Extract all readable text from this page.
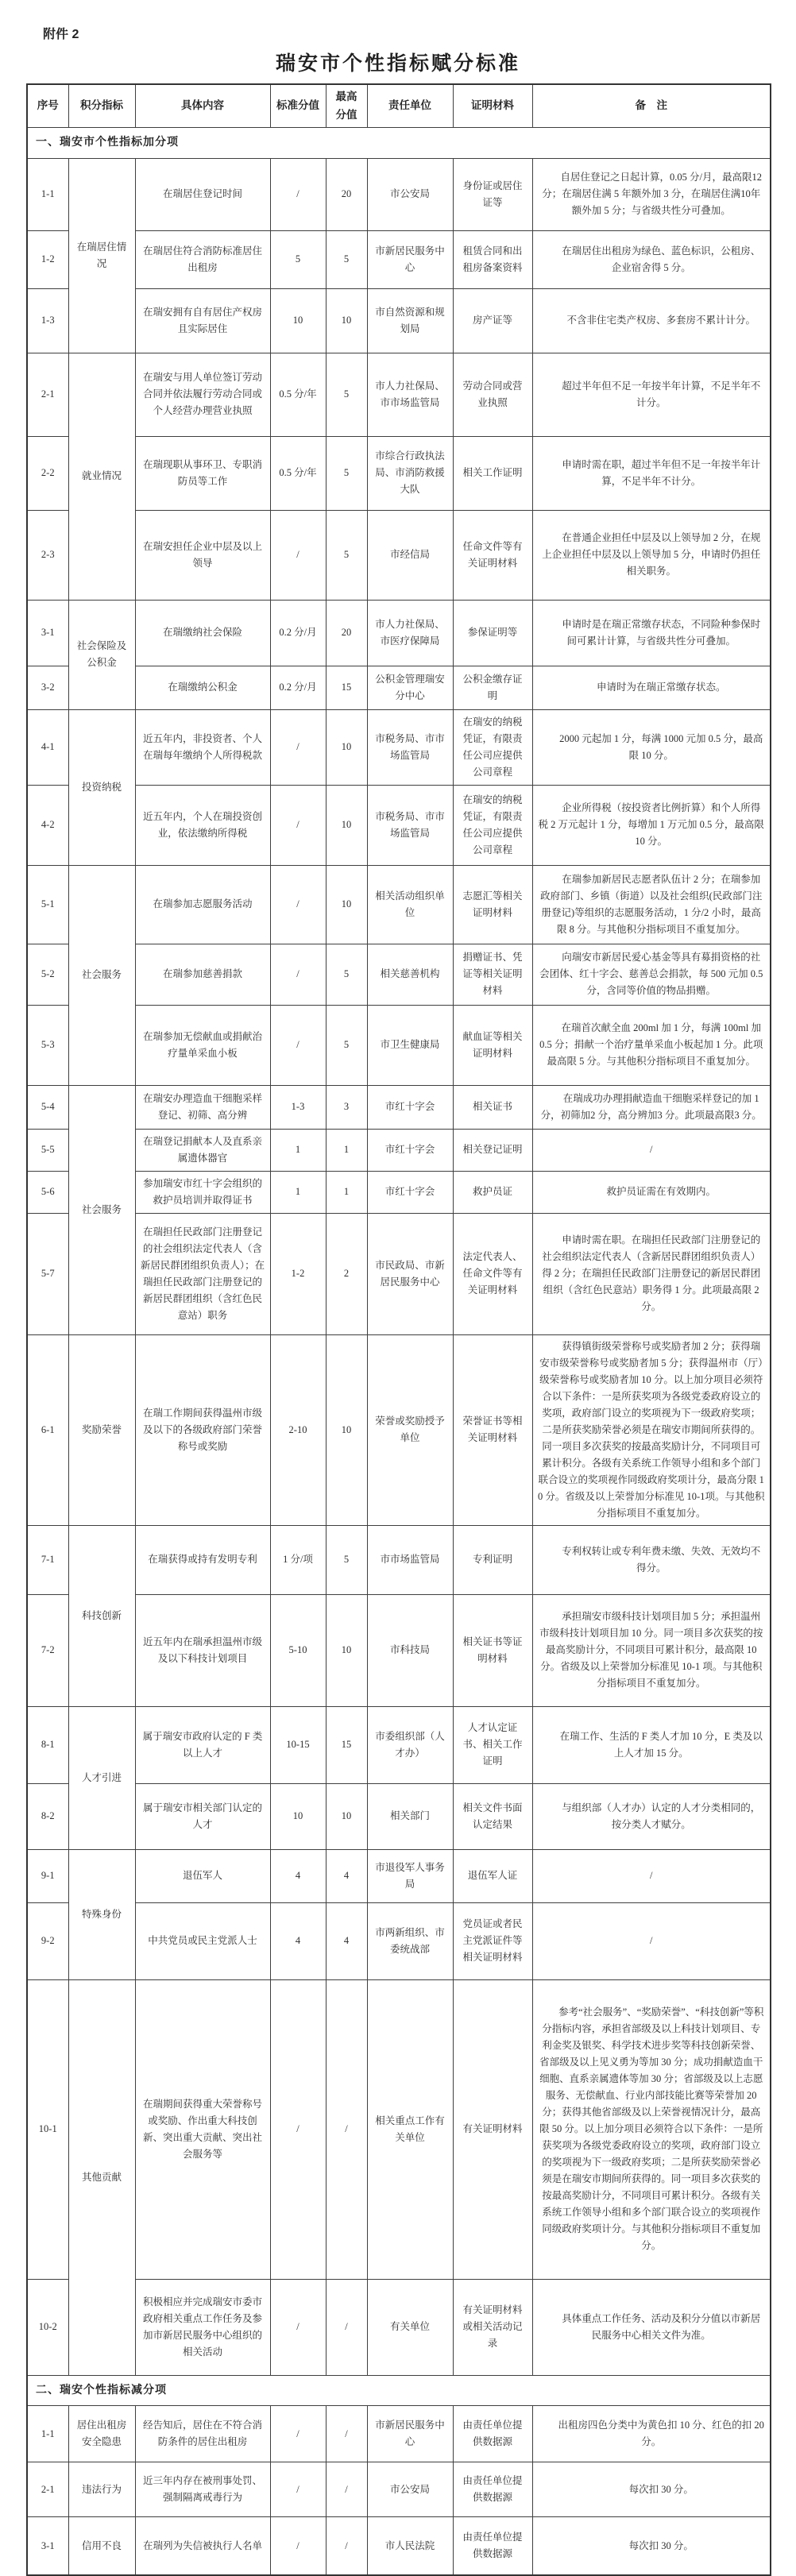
附件 2
瑞安市个性指标赋分标准
序号	积分指标	具体内容	标准分值	最高分值	责任单位	证明材料	备　注
一、瑞安市个性指标加分项							
1-1	在瑞居住情况	在瑞居住登记时间	/	20	市公安局	身份证或居住证等	自居住登记之日起计算，0.05 分/月，最高限12分；在瑞居住满 5 年额外加 3 分，在瑞居住满10年额外加 5 分；与省级共性分可叠加。
1-2		在瑞居住符合消防标准居住出租房	5	5	市新居民服务中心	租赁合同和出租房备案资料	在瑞居住出租房为绿色、蓝色标识，公租房、企业宿舍得 5 分。
1-3		在瑞安拥有自有居住产权房且实际居住	10	10	市自然资源和规划局	房产证等	不含非住宅类产权房、多套房不累计计分。
2-1	就业情况	在瑞安与用人单位签订劳动合同并依法履行劳动合同或个人经营办理营业执照	0.5 分/年	5	市人力社保局、市市场监管局	劳动合同或营业执照	超过半年但不足一年按半年计算，不足半年不计分。
2-2		在瑞现职从事环卫、专职消防员等工作	0.5 分/年	5	市综合行政执法局、市消防救援大队	相关工作证明	申请时需在职，超过半年但不足一年按半年计算，不足半年不计分。
2-3		在瑞安担任企业中层及以上领导	/	5	市经信局	任命文件等有关证明材料	在普通企业担任中层及以上领导加 2 分，在规上企业担任中层及以上领导加 5 分，申请时仍担任相关职务。
3-1	社会保险及公积金	在瑞缴纳社会保险	0.2 分/月	20	市人力社保局、市医疗保障局	参保证明等	申请时是在瑞正常缴存状态，不同险种参保时间可累计计算，与省级共性分可叠加。
3-2		在瑞缴纳公积金	0.2 分/月	15	公积金管理瑞安分中心	公积金缴存证明	申请时为在瑞正常缴存状态。
4-1	投资纳税	近五年内，非投资者、个人在瑞每年缴纳个人所得税款	/	10	市税务局、市市场监管局	在瑞安的纳税凭证，有限责任公司应提供公司章程	2000 元起加 1 分，每满 1000 元加 0.5 分，最高限 10 分。
4-2		近五年内，个人在瑞投资创业，依法缴纳所得税	/	10	市税务局、市市场监管局	在瑞安的纳税凭证，有限责任公司应提供公司章程	企业所得税（按投资者比例折算）和个人所得税 2 万元起计 1 分，每增加 1 万元加 0.5 分，最高限 10 分。
5-1	社会服务	在瑞参加志愿服务活动	/	10	相关活动组织单位	志愿汇等相关证明材料	在瑞参加新居民志愿者队伍计 2 分；在瑞参加政府部门、乡镇（街道）以及社会组织(民政部门注册登记)等组织的志愿服务活动，1 分/2 小时，最高限 8 分。与其他积分指标项目不重复加分。
5-2		在瑞参加慈善捐款	/	5	相关慈善机构	捐赠证书、凭证等相关证明材料	向瑞安市新居民爱心基金等具有募捐资格的社会团体、红十字会、慈善总会捐款，每 500 元加 0.5 分，含同等价值的物品捐赠。
5-3		在瑞参加无偿献血或捐献治疗量单采血小板	/	5	市卫生健康局	献血证等相关证明材料	在瑞首次献全血 200ml 加 1 分，每满 100ml 加 0.5 分；捐献一个治疗量单采血小板起加 1 分。此项最高限 5 分。与其他积分指标项目不重复加分。
5-4	社会服务	在瑞安办理造血干细胞采样登记、初筛、高分辨	1-3	3	市红十字会	相关证书	在瑞成功办理捐献造血干细胞采样登记的加 1 分，初筛加2 分，高分辨加3 分。此项最高限3 分。
5-5		在瑞登记捐献本人及直系亲属遗体器官	1	1	市红十字会	相关登记证明	/
5-6		参加瑞安市红十字会组织的救护员培训并取得证书	1	1	市红十字会	救护员证	救护员证需在有效期内。
5-7		在瑞担任民政部门注册登记的社会组织法定代表人（含新居民群团组织负责人）；在瑞担任民政部门注册登记的新居民群团组织（含红色民意站）职务	1-2	2	市民政局、市新居民服务中心	法定代表人、任命文件等有关证明材料	申请时需在职。在瑞担任民政部门注册登记的社会组织法定代表人（含新居民群团组织负责人）得 2 分；在瑞担任民政部门注册登记的新居民群团组织（含红色民意站）职务得 1 分。此项最高限 2 分。
6-1	奖励荣誉	在瑞工作期间获得温州市级及以下的各级政府部门荣誉称号或奖励	2-10	10	荣誉或奖励授予单位	荣誉证书等相关证明材料	获得镇街级荣誉称号或奖励者加 2 分；获得瑞安市级荣誉称号或奖励者加 5 分；获得温州市（厅）级荣誉称号或奖励者加 10 分。以上加分项目必须符合以下条件：一是所获奖项为各级党委政府设立的奖项，政府部门设立的奖项视为下一级政府奖项；二是所获奖励荣誉必须是在瑞安市期间所获得的。同一项目多次获奖的按最高奖励计分，不同项目可累计积分。各级有关系统工作领导小组和多个部门联合设立的奖项视作同级政府奖项计分，最高分限 10 分。省级及以上荣誉加分标准见 10-1项。与其他积分指标项目不重复加分。
7-1	科技创新	在瑞获得或持有发明专利	1 分/项	5	市市场监管局	专利证明	专利权转让或专利年费未缴、失效、无效均不得分。
7-2		近五年内在瑞承担温州市级及以下科技计划项目	5-10	10	市科技局	相关证书等证明材料	承担瑞安市级科技计划项目加 5 分；承担温州市级科技计划项目加 10 分。同一项目多次获奖的按最高奖励计分，不同项目可累计积分，最高限 10 分。省级及以上荣誉加分标准见 10-1 项。与其他积分指标项目不重复加分。
8-1	人才引进	属于瑞安市政府认定的 F 类以上人才	10-15	15	市委组织部（人才办）	人才认定证书、相关工作证明	在瑞工作、生活的 F 类人才加 10 分，E 类及以上人才加 15 分。
8-2		属于瑞安市相关部门认定的人才	10	10	相关部门	相关文件书面认定结果	与组织部（人才办）认定的人才分类相同的，按分类人才赋分。
9-1	特殊身份	退伍军人	4	4	市退役军人事务局	退伍军人证	/
9-2		中共党员或民主党派人士	4	4	市两新组织、市委统战部	党员证或者民主党派证件等相关证明材料	/
10-1	其他贡献	在瑞期间获得重大荣誉称号或奖励、作出重大科技创新、突出重大贡献、突出社会服务等	/	/	相关重点工作有关单位	有关证明材料	参考“社会服务”、“奖励荣誉”、“科技创新”等积分指标内容，承担省部级及以上科技计划项目、专利金奖及银奖、科学技术进步奖等科技创新荣誉、省部级及以上见义勇为等加 30 分；成功捐献造血干细胞、直系亲属遗体等加 30 分；省部级及以上志愿服务、无偿献血、行业内部技能比赛等荣誉加 20 分；获得其他省部级及以上荣誉视情况计分，最高限 50 分。以上加分项目必须符合以下条件：一是所获奖项为各级党委政府设立的奖项，政府部门设立的奖项视为下一级政府奖项；二是所获奖励荣誉必须是在瑞安市期间所获得的。同一项目多次获奖的按最高奖励计分，不同项目可累计积分。各级有关系统工作领导小组和多个部门联合设立的奖项视作同级政府奖项计分。与其他积分指标项目不重复加分。
10-2		积极相应并完成瑞安市委市政府相关重点工作任务及参加市新居民服务中心组织的相关活动	/	/	有关单位	有关证明材料或相关活动记录	具体重点工作任务、活动及积分分值以市新居民服务中心相关文件为准。
二、瑞安个性指标减分项							
1-1	居住出租房安全隐患	经告知后，居住在不符合消防条件的居住出租房	/	/	市新居民服务中心	由责任单位提供数据源	出租房四色分类中为黄色扣 10 分、红色的扣 20 分。
2-1	违法行为	近三年内存在被刑事处罚、强制隔离戒毒行为	/	/	市公安局	由责任单位提供数据源	每次扣 30 分。
3-1	信用不良	在瑞列为失信被执行人名单	/	/	市人民法院	由责任单位提供数据源	每次扣 30 分。
